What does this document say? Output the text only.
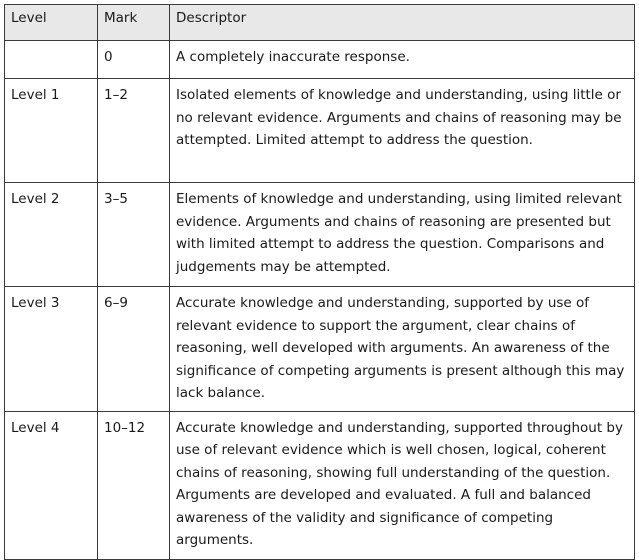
Level	Mark	Descriptor
	0	A completely inaccurate response.
Level 1	1–2	Isolated elements of knowledge and understanding, using little or no relevant evidence. Arguments and chains of reasoning may be attempted. Limited attempt to address the question.
Level 2	3–5	Elements of knowledge and understanding, using limited relevant evidence. Arguments and chains of reasoning are presented but with limited attempt to address the question. Comparisons and judgements may be attempted.
Level 3	6–9	Accurate knowledge and understanding, supported by use of relevant evidence to support the argument, clear chains of reasoning, well developed with arguments. An awareness of the significance of competing arguments is present although this may lack balance.
Level 4	10–12	Accurate knowledge and understanding, supported throughout by use of relevant evidence which is well chosen, logical, coherent chains of reasoning, showing full understanding of the question. Arguments are developed and evaluated. A full and balanced awareness of the validity and significance of competing arguments.
